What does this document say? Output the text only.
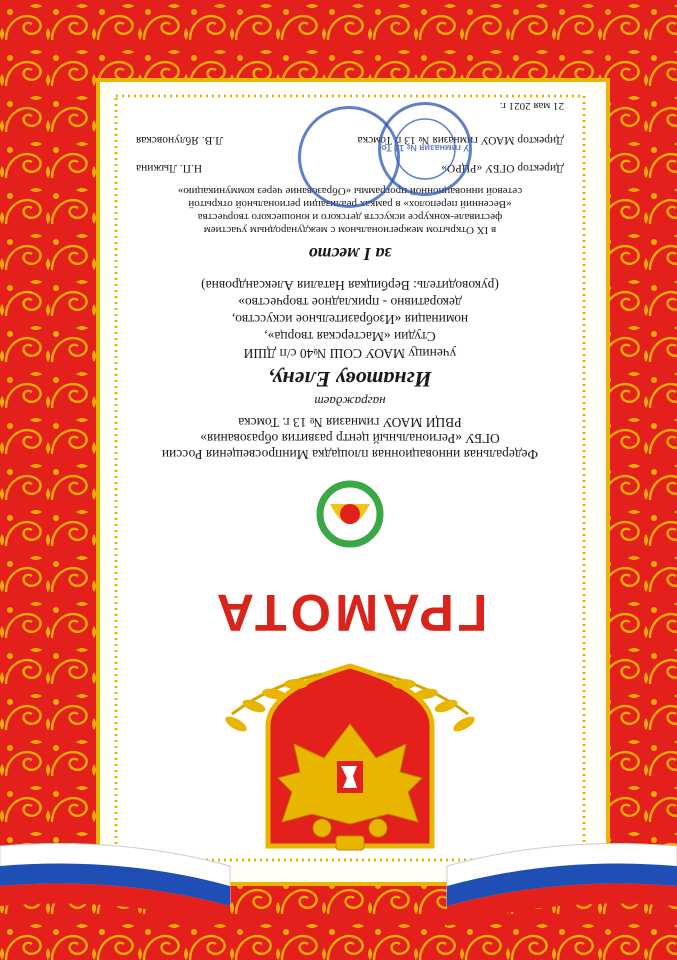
ГРАМОТА
Федеральная инновационная площадка Минпросвещения России
ОГБУ «Региональный центр развития образования»
РВЦИ МАОУ гимназия № 13 г. Томска
награждает
Игнатову Елену,
ученицу МАОУ СОШ №40 с/п ДШИ
Студии «Мастерская творца»,
номинация «Изобразительное искусство,
декоративно - прикладное творчество»
(руководитель: Вербицкая Наталия Александровна)
за I место
в IX Открытом межрегиональном с международным участием
фестивале-конкурсе искусств детского и юношеского творчества
«Весенний переполох» в рамках реализации региональной открытой
сетевой инновационной программы «Образование через коммуникацию»
Директор ОГБУ «РЦРО»
Н.П. Лыжина
Директор МАОУ гимназия № 13 г. Томска
Л.В. Яблуновская
У гимназия № 13 То
21 мая 2021 г.
